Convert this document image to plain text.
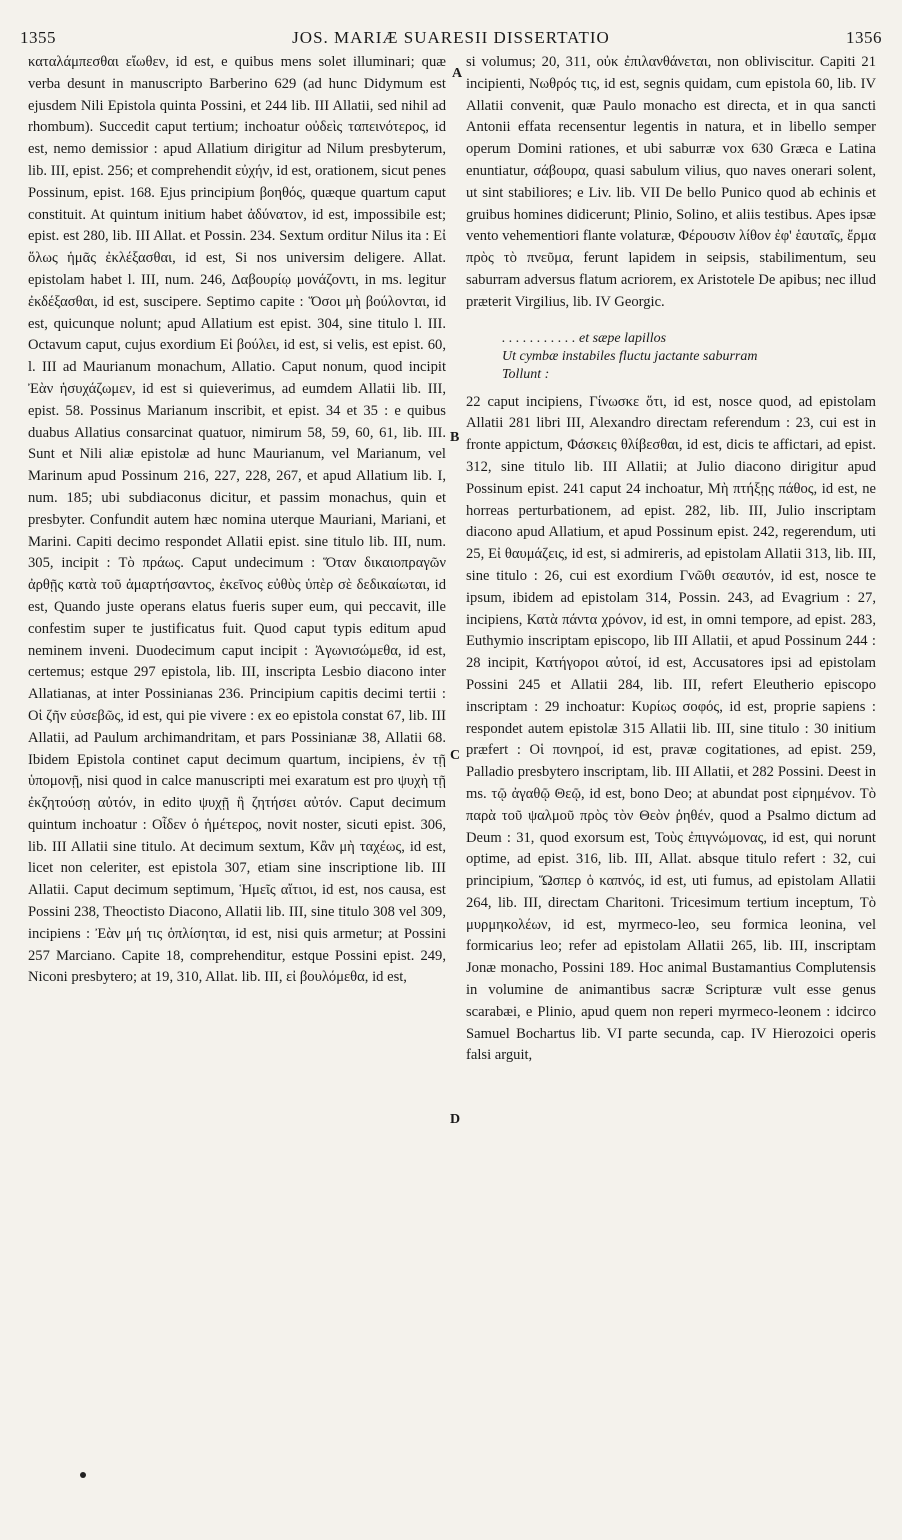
1355	JOS. MARIÆ SUARESII DISSERTATIO	1356

καταλάμπεσθαι εἴωθεν, id est, e quibus mens solet illuminari; quæ verba desunt in manuscripto Barberino 629 (ad hunc Didymum est ejusdem Nili Epistola quinta Possini, et 244 lib. III Allatii, sed nihil ad rhombum). Succedit caput tertium; inchoatur οὐδεὶς ταπεινότερος, id est, nemo demissior : apud Allatium dirigitur ad Nilum presbyterum, lib. III, epist. 256; et comprehendit εὐχήν, id est, orationem, sicut penes Possinum, epist. 168. Ejus principium βοηθός, quæque quartum caput constituit. At quintum initium habet ἀδύνατον, id est, impossibile est; epist. est 280, lib. III Allat. et Possin. 234. Sextum orditur Nilus ita : Εἰ ὅλως ἡμᾶς ἐκλέξασθαι, id est, Si nos universim deligere. Allat. epistolam habet l. III, num. 246, Δαβουρίῳ μονάζοντι, in ms. legitur ἐκδέξασθαι, id est, suscipere. Septimo capite : Ὅσοι μὴ βούλονται, id est, quicunque nolunt; apud Allatium est epist. 304, sine titulo l. III. Octavum caput, cujus exordium Εἰ βούλει, id est, si velis, est epist. 60, l. III ad Maurianum monachum, Allatio. Caput nonum, quod incipit Ἐὰν ἡσυχάζωμεν, id est si quieverimus, ad eumdem Allatii lib. III, epist. 58. Possinus Marianum inscribit, et epist. 34 et 35 : e quibus duabus Allatius consarcinat quatuor, nimirum 58, 59, 60, 61, lib. III. Sunt et Nili aliæ epistolæ ad hunc Maurianum, vel Marianum, vel Marinum apud Possinum 216, 227, 228, 267, et apud Allatium lib. I, num. 185; ubi subdiaconus dicitur, et passim monachus, quin et presbyter. Confundit autem hæc nomina uterque Mauriani, Mariani, et Marini. Capiti decimo respondet Allatii epist. sine titulo lib. III, num. 305, incipit : Τὸ πράως. Caput undecimum : Ὅταν δικαιοπραγῶν ἀρθῇς κατὰ τοῦ ἁμαρτήσαντος, ἐκεῖνος εὐθὺς ὑπὲρ σὲ δεδικαίωται, id est, Quando juste operans elatus fueris super eum, qui peccavit, ille confestim super te justificatus fuit. Quod caput typis editum apud neminem inveni. Duodecimum caput incipit : Ἀγωνισώμεθα, id est, certemus; estque 297 epistola, lib. III, inscripta Lesbio diacono inter Allatianas, at inter Possinianas 236. Principium capitis decimi tertii : Οἱ ζῆν εὐσεβῶς, id est, qui pie vivere : ex eo epistola constat 67, lib. III Allatii, ad Paulum archimandritam, et pars Possinianæ 38, Allatii 68. Ibidem Epistola continet caput decimum quartum, incipiens, ἐν τῇ ὑπομονῇ, nisi quod in calce manuscripti mei exaratum est pro ψυχὴ τῇ ἐκζητούσῃ αὐτόν, in edito ψυχῇ ἣ ζητήσει αὐτόν. Caput decimum quintum inchoatur : Οἶδεν ὁ ἡμέτερος, novit noster, sicuti epist. 306, lib. III Allatii sine titulo. At decimum sextum, Κἂν μὴ ταχέως, id est, licet non celeriter, est epistola 307, etiam sine inscriptione lib. III Allatii. Caput decimum septimum, Ἡμεῖς αἴτιοι, id est, nos causa, est Possini 238, Theoctisto Diacono, Allatii lib. III, sine titulo 308 vel 309, incipiens : Ἐὰν μή τις ὁπλίσηται, id est, nisi quis armetur; at Possini 257 Marciano. Capite 18, comprehenditur, estque Possini epist. 249, Niconi presbytero; at 19, 310, Allat. lib. III, εἰ βουλόμεθα, id est,

A
B
C
D

si volumus; 20, 311, οὐκ ἐπιλανθάνεται, non obliviscitur. Capiti 21 incipienti, Νωθρός τις, id est, segnis quidam, cum epistola 60, lib. IV Allatii convenit, quæ Paulo monacho est directa, et in qua sancti Antonii effata recensentur legentis in natura, et in libello semper operum Domini rationes, et ubi saburræ vox 630 Græca e Latina enuntiatur, σάβουρα, quasi sabulum vilius, quo naves onerari solent, ut sint stabiliores; e Liv. lib. VII De bello Punico quod ab echinis et gruibus homines didicerunt; Plinio, Solino, et aliis testibus. Apes ipsæ vento vehementiori flante volaturæ, Φέρουσιν λίθον ἐφ' ἑαυταῖς, ἔρμα πρὸς τὸ πνεῦμα, ferunt lapidem in seipsis, stabilimentum, seu saburram adversus flatum acriorem, ex Aristotele De apibus; nec illud præterit Virgilius, lib. IV Georgic.

. . . . . . . . . . . et sæpe lapillos
Ut cymbæ instabiles fluctu jactante saburram
Tollunt :

22 caput incipiens, Γίνωσκε ὅτι, id est, nosce quod, ad epistolam Allatii 281 libri III, Alexandro directam referendum : 23, cui est in fronte appictum, Φάσκεις θλίβεσθαι, id est, dicis te affictari, ad epist. 312, sine titulo lib. III Allatii; at Julio diacono dirigitur apud Possinum epist. 241 caput 24 inchoatur, Μὴ πτήξῃς πάθος, id est, ne horreas perturbationem, ad epist. 282, lib. III, Julio inscriptam diacono apud Allatium, et apud Possinum epist. 242, regerendum, uti 25, Εἰ θαυμάζεις, id est, si admireris, ad epistolam Allatii 313, lib. III, sine titulo : 26, cui est exordium Γνῶθι σεαυτόν, id est, nosce te ipsum, ibidem ad epistolam 314, Possin. 243, ad Evagrium : 27, incipiens, Κατὰ πάντα χρόνον, id est, in omni tempore, ad epist. 283, Euthymio inscriptam episcopo, lib III Allatii, et apud Possinum 244 : 28 incipit, Κατήγοροι αὐτοί, id est, Accusatores ipsi ad epistolam Possini 245 et Allatii 284, lib. III, refert Eleutherio episcopo inscriptam : 29 inchoatur: Κυρίως σοφός, id est, proprie sapiens : respondet autem epistolæ 315 Allatii lib. III, sine titulo : 30 initium præfert : Οἱ πονηροί, id est, pravæ cogitationes, ad epist. 259, Palladio presbytero inscriptam, lib. III Allatii, et 282 Possini. Deest in ms. τῷ ἀγαθῷ Θεῷ, id est, bono Deo; at abundat post εἰρημένον. Τὸ παρὰ τοῦ ψαλμοῦ πρὸς τὸν Θεὸν ῥηθέν, quod a Psalmo dictum ad Deum : 31, quod exorsum est, Τοὺς ἐπιγνώμονας, id est, qui norunt optime, ad epist. 316, lib. III, Allat. absque titulo refert : 32, cui principium, Ὥσπερ ὁ καπνός, id est, uti fumus, ad epistolam Allatii 264, lib. III, directam Charitoni. Tricesimum tertium inceptum, Τὸ μυρμηκολέων, id est, myrmeco-leo, seu formica leonina, vel formicarius leo; refer ad epistolam Allatii 265, lib. III, inscriptam Jonæ monacho, Possini 189. Hoc animal Bustamantius Complutensis in volumine de animantibus sacræ Scripturæ vult esse genus scarabæi, e Plinio, apud quem non reperi myrmeco-leonem : idcirco Samuel Bochartus lib. VI parte secunda, cap. IV Hierozoici operis falsi arguit,
